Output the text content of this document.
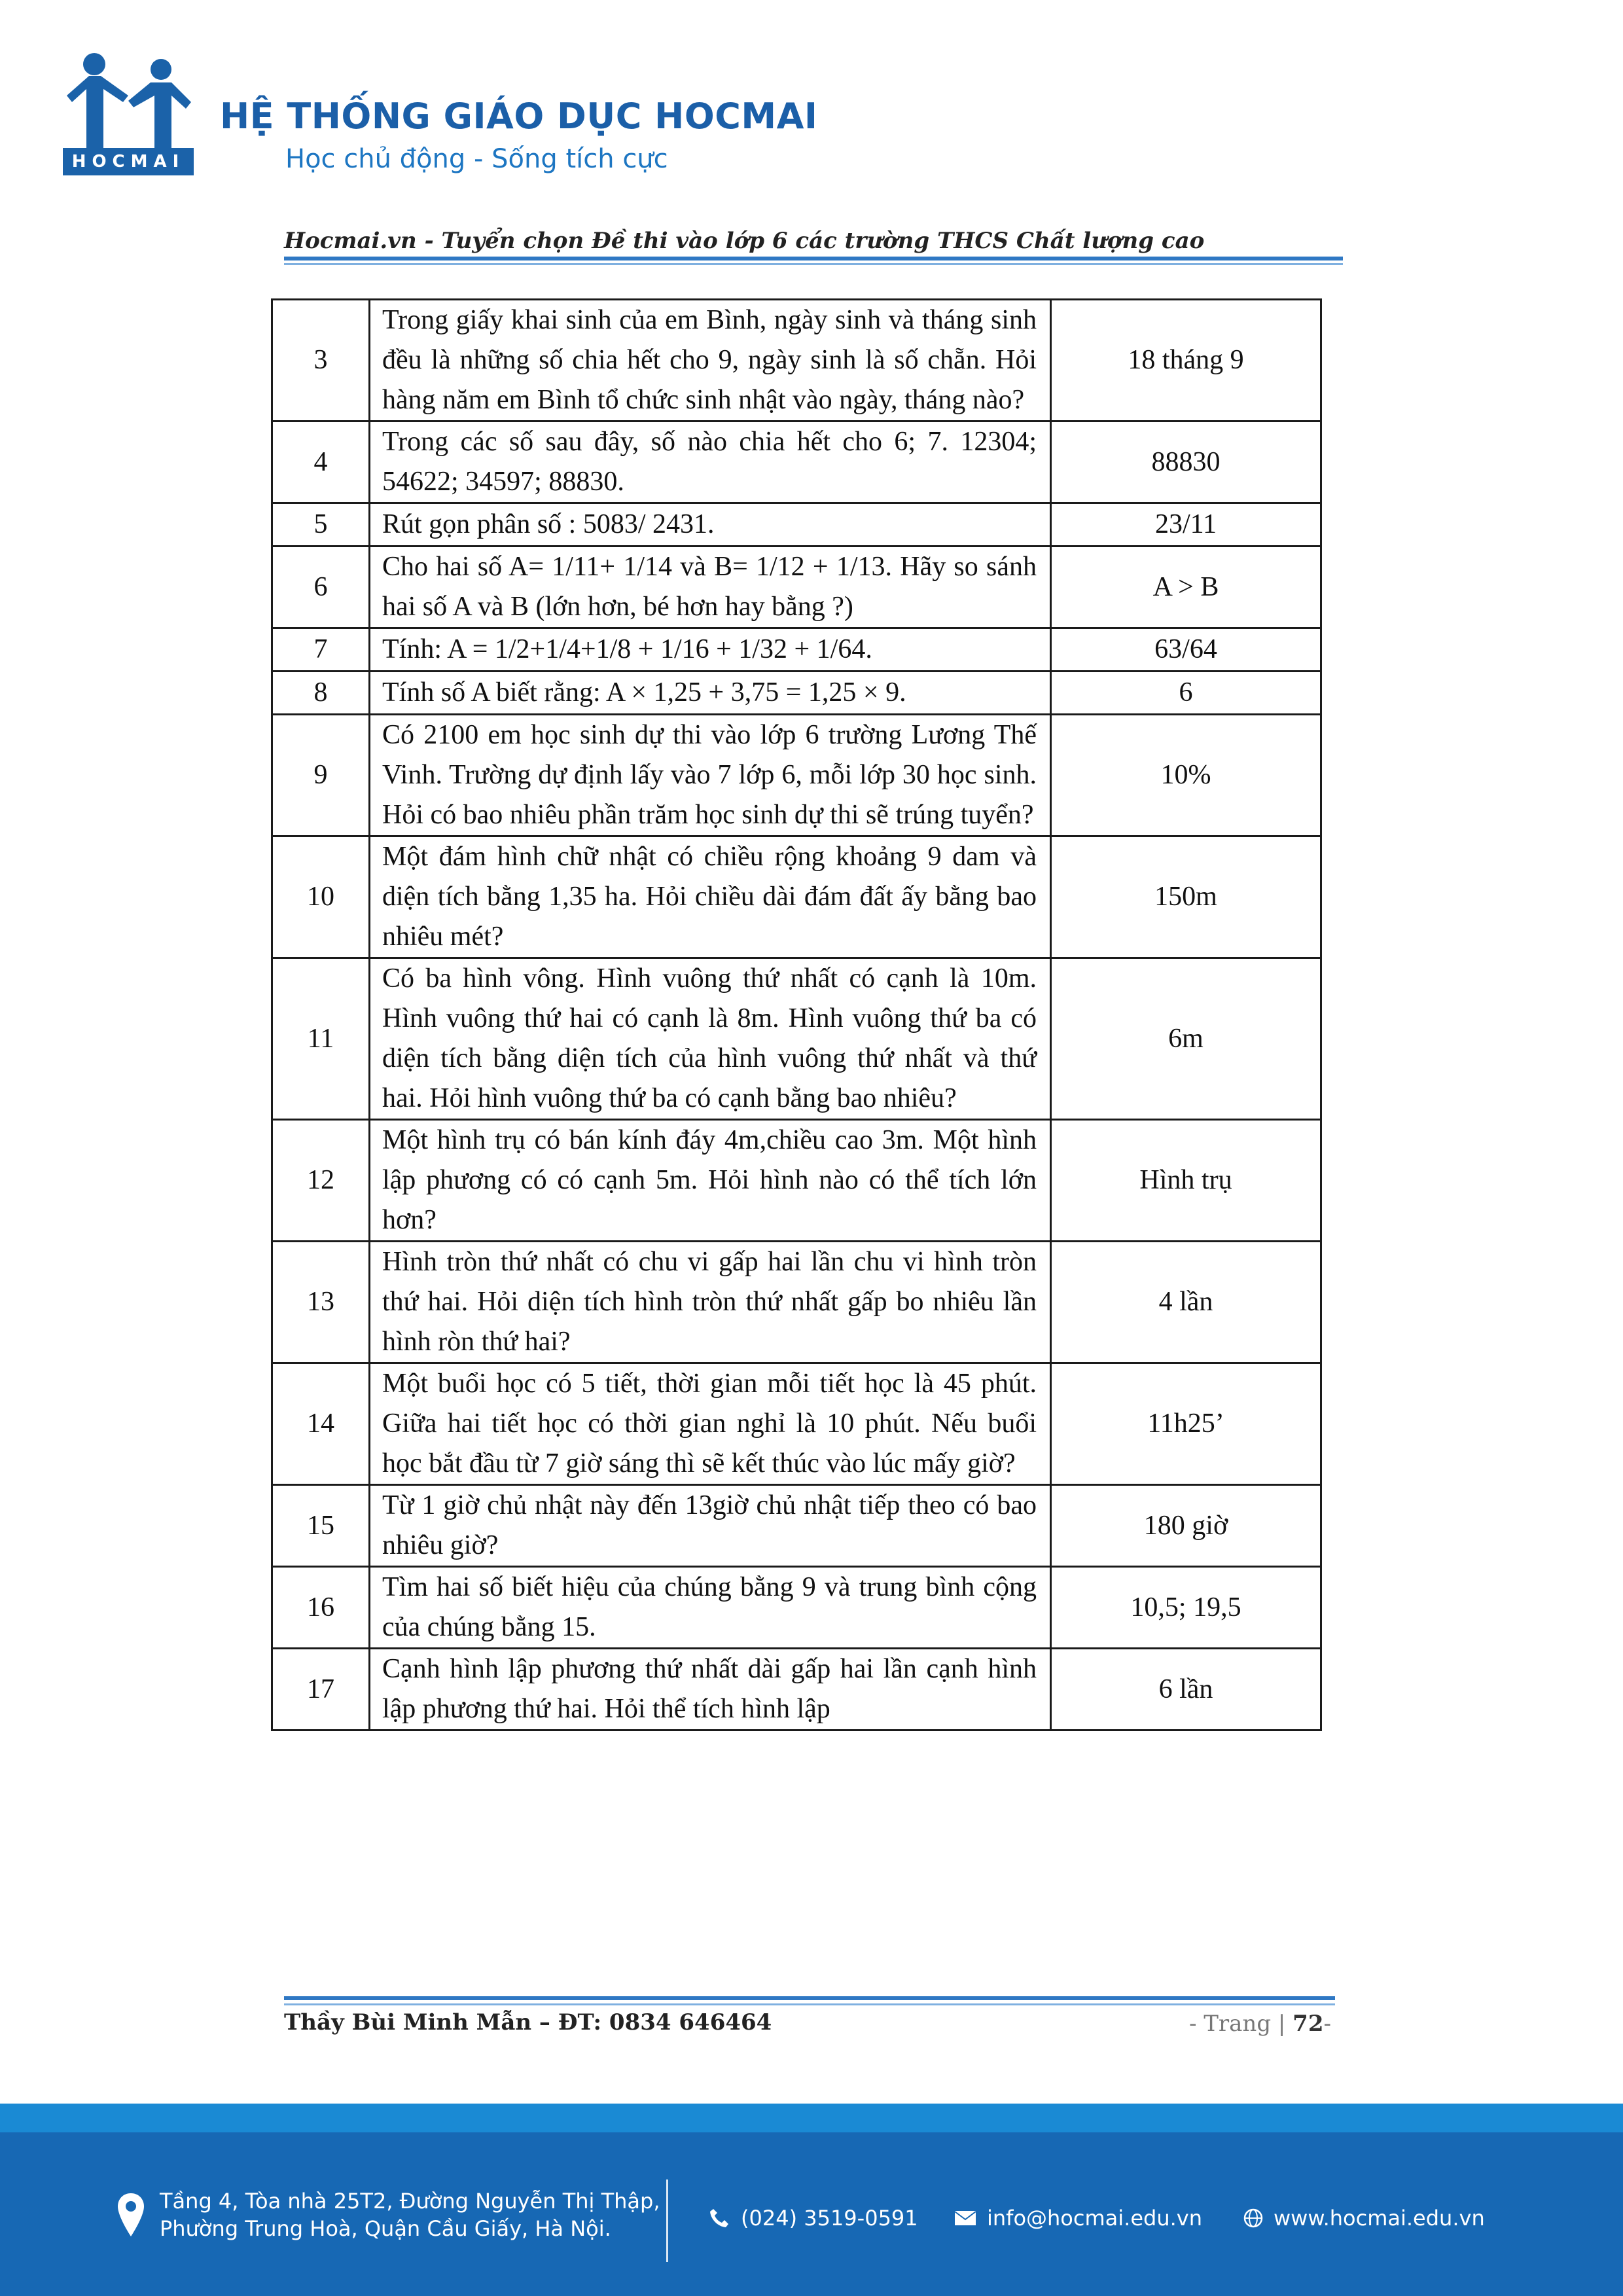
HOCMAI
HỆ THỐNG GIÁO DỤC HOCMAI
Học chủ động - Sống tích cực
Hocmai.vn - Tuyển chọn Đề thi vào lớp 6 các trường THCS Chất lượng cao
3	Trong giấy khai sinh của em Bình, ngày sinh và tháng sinh đều là những số chia hết cho 9, ngày sinh là số chẵn. Hỏi hàng năm em Bình tổ chức sinh nhật vào ngày, tháng nào?	18 tháng 9
4	Trong các số sau đây, số nào chia hết cho 6; 7. 12304; 54622; 34597; 88830.	88830
5	Rút gọn phân số : 5083/ 2431.	23/11
6	Cho hai số A= 1/11+ 1/14 và B= 1/12 + 1/13. Hãy so sánh hai số A và B (lớn hơn, bé hơn hay bằng ?)	A > B
7	Tính: A = 1/2+1/4+1/8 + 1/16 + 1/32 + 1/64.	63/64
8	Tính số A biết rằng: A × 1,25 + 3,75 = 1,25 × 9.	6
9	Có 2100 em học sinh dự thi vào lớp 6 trường Lương Thế Vinh. Trường dự định lấy vào 7 lớp 6, mỗi lớp 30 học sinh. Hỏi có bao nhiêu phần trăm học sinh dự thi sẽ trúng tuyển?	10%
10	Một đám hình chữ nhật có chiều rộng khoảng 9 dam và diện tích bằng 1,35 ha. Hỏi chiều dài đám đất ấy bằng bao nhiêu mét?	150m
11	Có ba hình vông. Hình vuông thứ nhất có cạnh là 10m. Hình vuông thứ hai có cạnh là 8m. Hình vuông thứ ba có diện tích bằng diện tích của hình vuông thứ nhất và thứ hai. Hỏi hình vuông thứ ba có cạnh bằng bao nhiêu?	6m
12	Một hình trụ có bán kính đáy 4m,chiều cao 3m. Một hình lập phương có có cạnh 5m. Hỏi hình nào có thể tích lớn hơn?	Hình trụ
13	Hình tròn thứ nhất có chu vi gấp hai lần chu vi hình tròn thứ hai. Hỏi diện tích hình tròn thứ nhất gấp bo nhiêu lần hình ròn thứ hai?	4 lần
14	Một buổi học có 5 tiết, thời gian mỗi tiết học là 45 phút. Giữa hai tiết học có thời gian nghỉ là 10 phút. Nếu buổi học bắt đầu từ 7 giờ sáng thì sẽ kết thúc vào lúc mấy giờ?	11h25’
15	Từ 1 giờ chủ nhật này đến 13giờ chủ nhật tiếp theo có bao nhiêu giờ?	180 giờ
16	Tìm hai số biết hiệu của chúng bằng 9 và trung bình cộng của chúng bằng 15.	10,5; 19,5
17	Cạnh hình lập phương thứ nhất dài gấp hai lần cạnh hình lập phương thứ hai. Hỏi thể tích hình lập	6 lần
Thầy Bùi Minh Mẫn – ĐT: 0834 646464	- Trang | 72-
Tầng 4, Tòa nhà 25T2, Đường Nguyễn Thị Thập,
Phường Trung Hoà, Quận Cầu Giấy, Hà Nội.	(024) 3519-0591	info@hocmai.edu.vn	www.hocmai.edu.vn
